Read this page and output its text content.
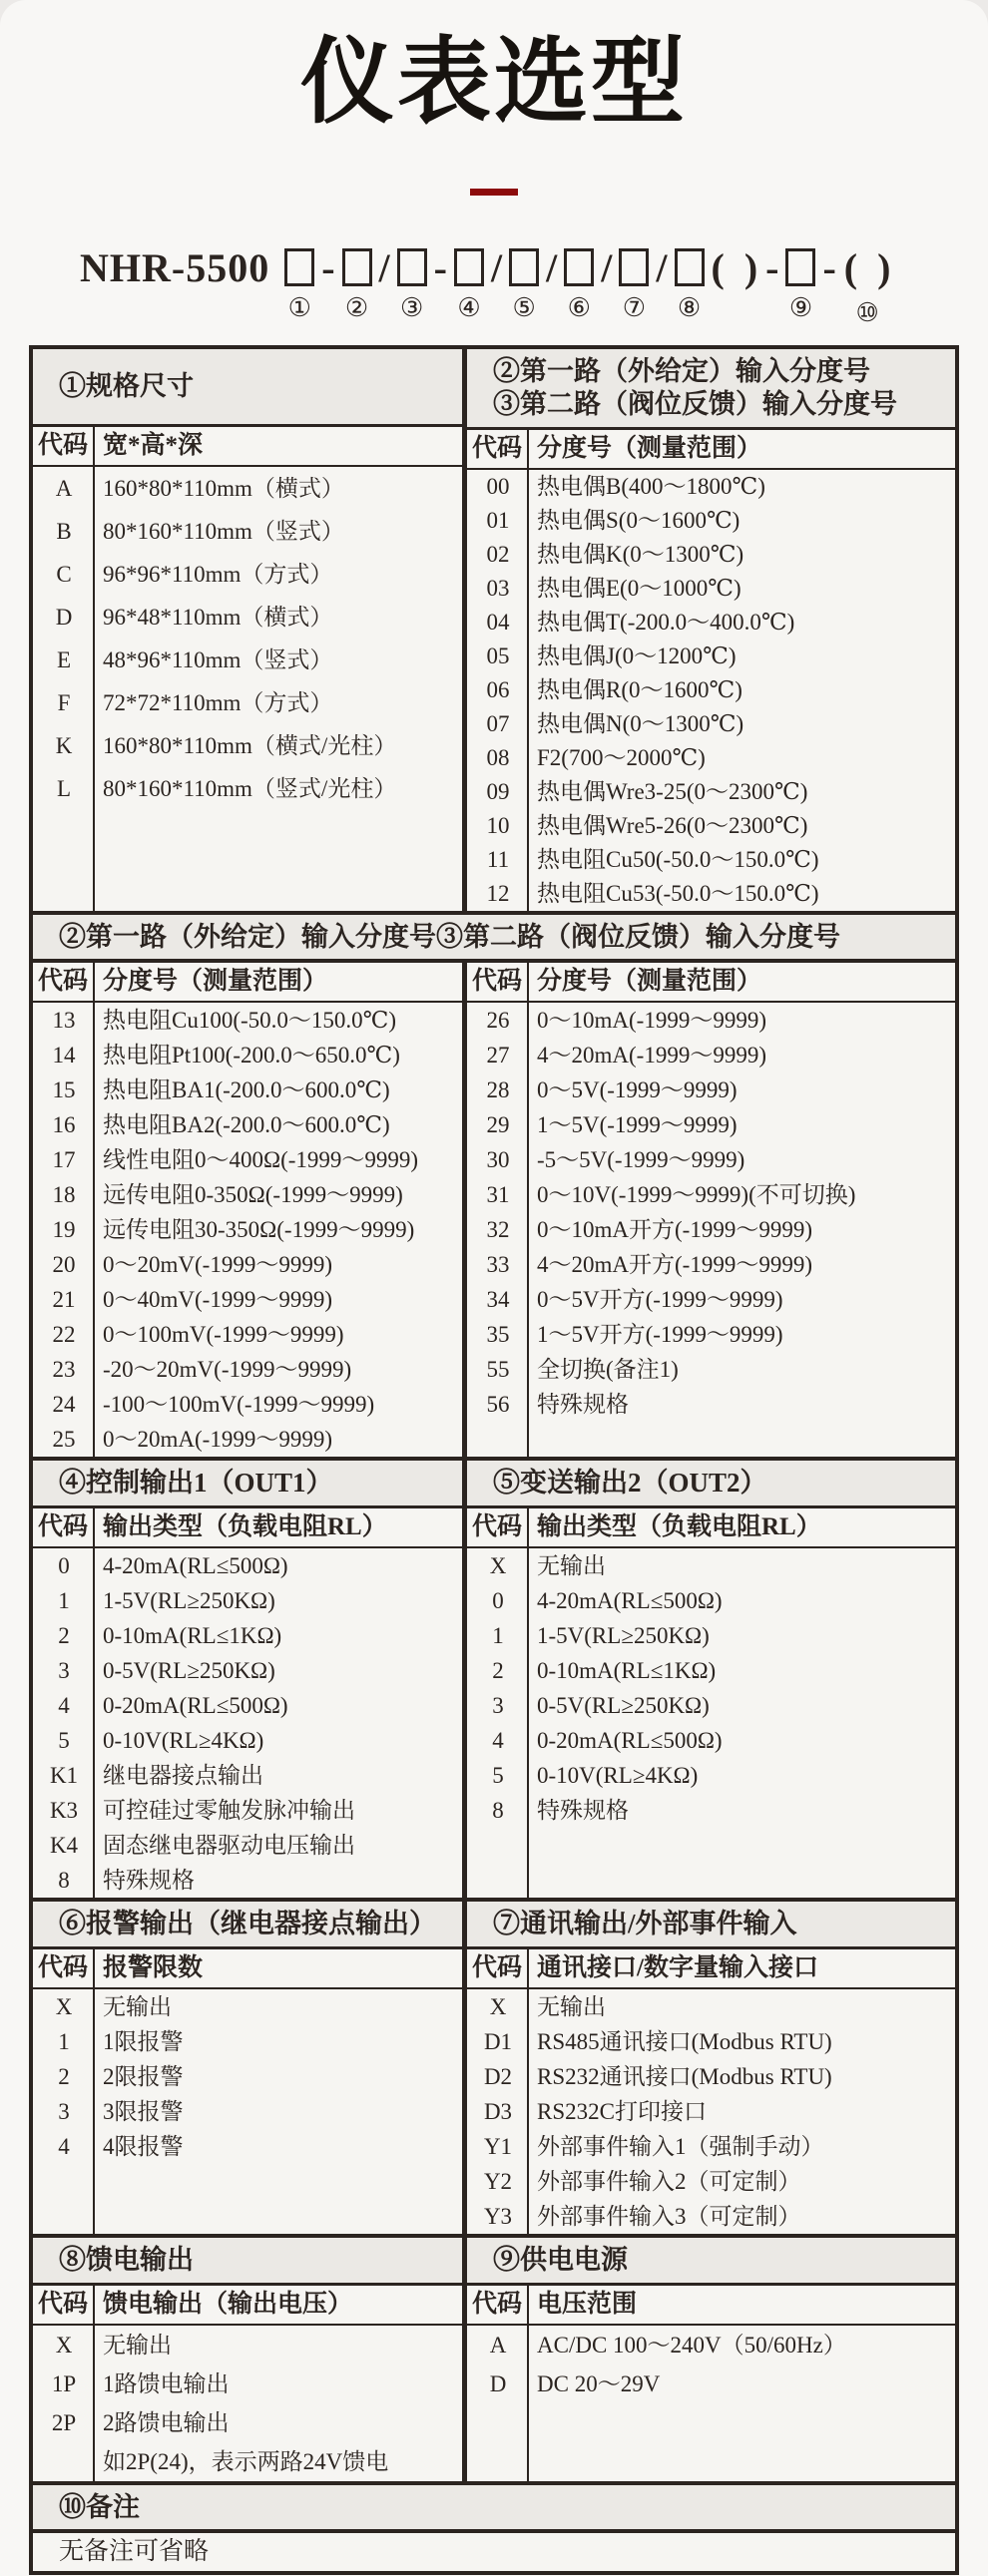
仪表选型
NHR-5500
①
-
②
/
③
-
④
/
⑤
/
⑥
/
⑦
/
⑧
(  ) -
⑨
- (  )
⑩
①规格尺寸
代码 宽*高*深
A	160*80*110mm（横式）
B	80*160*110mm（竖式）
C	96*96*110mm（方式）
D	96*48*110mm（横式）
E	48*96*110mm（竖式）
F	72*72*110mm（方式）
K	160*80*110mm（横式/光柱）
L	80*160*110mm（竖式/光柱）
②第一路（外给定）输入分度号
③第二路（阀位反馈）输入分度号
代码 分度号（测量范围）
00	热电偶B(400～1800℃)
01	热电偶S(0～1600℃)
02	热电偶K(0～1300℃)
03	热电偶E(0～1000℃)
04	热电偶T(-200.0～400.0℃)
05	热电偶J(0～1200℃)
06	热电偶R(0～1600℃)
07	热电偶N(0～1300℃)
08	F2(700～2000℃)
09	热电偶Wre3-25(0～2300℃)
10	热电偶Wre5-26(0～2300℃)
11	热电阻Cu50(-50.0～150.0℃)
12	热电阻Cu53(-50.0～150.0℃)
②第一路（外给定）输入分度号③第二路（阀位反馈）输入分度号
代码 分度号（测量范围）
13	热电阻Cu100(-50.0～150.0℃)
14	热电阻Pt100(-200.0～650.0℃)
15	热电阻BA1(-200.0～600.0℃)
16	热电阻BA2(-200.0～600.0℃)
17	线性电阻0～400Ω(-1999～9999)
18	远传电阻0-350Ω(-1999～9999)
19	远传电阻30-350Ω(-1999～9999)
20	0～20mV(-1999～9999)
21	0～40mV(-1999～9999)
22	0～100mV(-1999～9999)
23	-20～20mV(-1999～9999)
24	-100～100mV(-1999～9999)
25	0～20mA(-1999～9999)
代码 分度号（测量范围）
26	0～10mA(-1999～9999)
27	4～20mA(-1999～9999)
28	0～5V(-1999～9999)
29	1～5V(-1999～9999)
30	-5～5V(-1999～9999)
31	0～10V(-1999～9999)(不可切换)
32	0～10mA开方(-1999～9999)
33	4～20mA开方(-1999～9999)
34	0～5V开方(-1999～9999)
35	1～5V开方(-1999～9999)
55	全切换(备注1)
56	特殊规格
④控制输出1（OUT1）
代码 输出类型（负载电阻RL）
0	4-20mA(RL≤500Ω)
1	1-5V(RL≥250KΩ)
2	0-10mA(RL≤1KΩ)
3	0-5V(RL≥250KΩ)
4	0-20mA(RL≤500Ω)
5	0-10V(RL≥4KΩ)
K1	继电器接点输出
K3	可控硅过零触发脉冲输出
K4	固态继电器驱动电压输出
8	特殊规格
⑤变送输出2（OUT2）
代码 输出类型（负载电阻RL）
X	无输出
0	4-20mA(RL≤500Ω)
1	1-5V(RL≥250KΩ)
2	0-10mA(RL≤1KΩ)
3	0-5V(RL≥250KΩ)
4	0-20mA(RL≤500Ω)
5	0-10V(RL≥4KΩ)
8	特殊规格
⑥报警输出（继电器接点输出）
代码 报警限数
X	无输出
1	1限报警
2	2限报警
3	3限报警
4	4限报警
⑦通讯输出/外部事件输入
代码 通讯接口/数字量输入接口
X	无输出
D1	RS485通讯接口(Modbus RTU)
D2	RS232通讯接口(Modbus RTU)
D3	RS232C打印接口
Y1	外部事件输入1（强制手动）
Y2	外部事件输入2（可定制）
Y3	外部事件输入3（可定制）
⑧馈电输出
代码 馈电输出（输出电压）
X	无输出
1P	1路馈电输出
2P	2路馈电输出
如2P(24)，表示两路24V馈电
⑨供电电源
代码 电压范围
A	AC/DC 100～240V（50/60Hz）
D	DC 20～29V
⑩备注
无备注可省略
